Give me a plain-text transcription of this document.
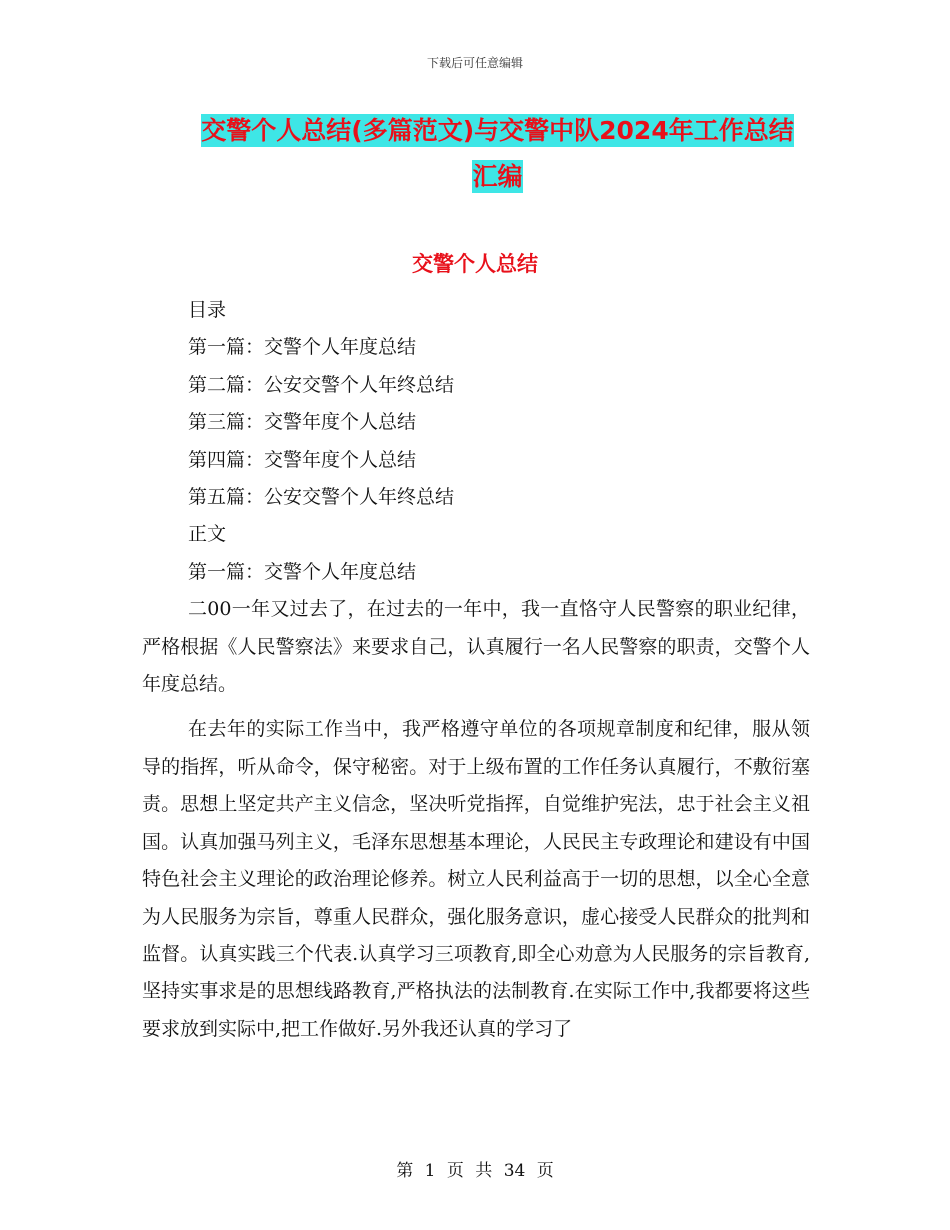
下载后可任意编辑
交警个人总结(多篇范文)与交警中队2024年工作总结
汇编
交警个人总结
目录
第一篇：交警个人年度总结
第二篇：公安交警个人年终总结
第三篇：交警年度个人总结
第四篇：交警年度个人总结
第五篇：公安交警个人年终总结
正文
第一篇：交警个人年度总结

二00一年又过去了，在过去的一年中，我一直恪守人民警察的职业纪律，严格根据《人民警察法》来要求自己，认真履行一名人民警察的职责，交警个人年度总结。

在去年的实际工作当中，我严格遵守单位的各项规章制度和纪律，服从领导的指挥，听从命令，保守秘密。对于上级布置的工作任务认真履行，不敷衍塞责。思想上坚定共产主义信念，坚决听党指挥，自觉维护宪法，忠于社会主义祖国。认真加强马列主义，毛泽东思想基本理论，人民民主专政理论和建设有中国特色社会主义理论的政治理论修养。树立人民利益高于一切的思想，以全心全意为人民服务为宗旨，尊重人民群众，强化服务意识，虚心接受人民群众的批判和监督。认真实践三个代表.认真学习三项教育,即全心劝意为人民服务的宗旨教育,坚持实事求是的思想线路教育,严格执法的法制教育.在实际工作中,我都要将这些要求放到实际中,把工作做好.另外我还认真的学习了

第 1 页 共 34 页
